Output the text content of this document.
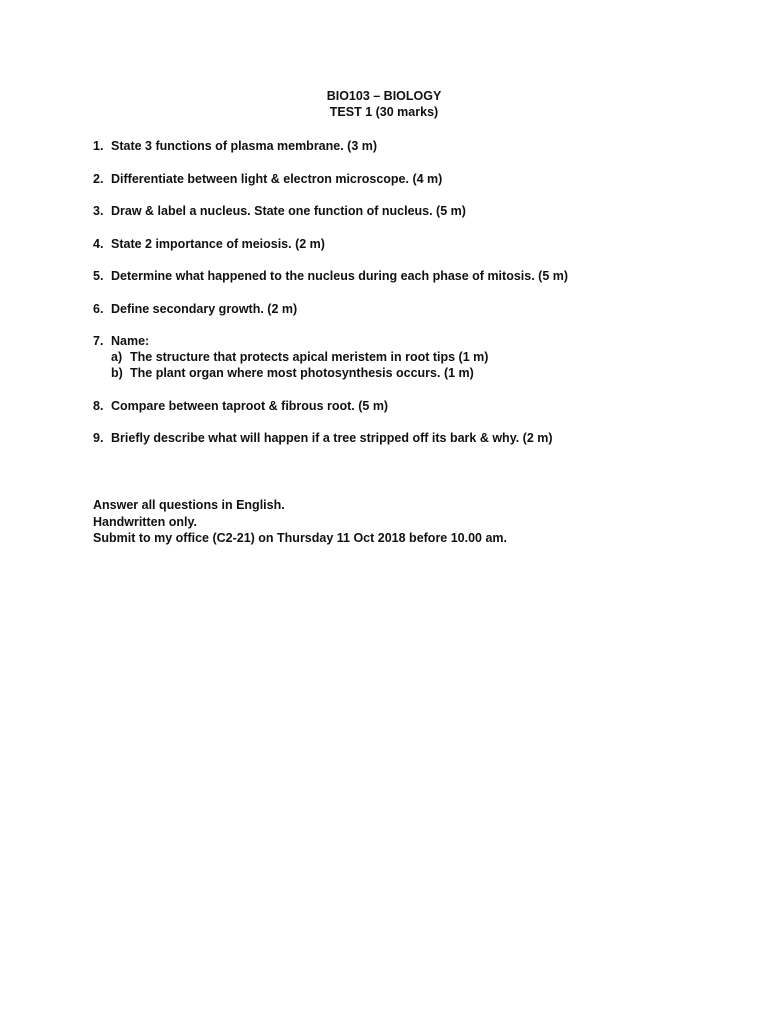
BIO103 – BIOLOGY
TEST 1 (30 marks)
1. State 3 functions of plasma membrane. (3 m)
2. Differentiate between light & electron microscope. (4 m)
3. Draw & label a nucleus. State one function of nucleus. (5 m)
4. State 2 importance of meiosis. (2 m)
5. Determine what happened to the nucleus during each phase of mitosis. (5 m)
6. Define secondary growth. (2 m)
7. Name:
a) The structure that protects apical meristem in root tips (1 m)
b) The plant organ where most photosynthesis occurs. (1 m)
8. Compare between taproot & fibrous root. (5 m)
9. Briefly describe what will happen if a tree stripped off its bark & why. (2 m)
Answer all questions in English.
Handwritten only.
Submit to my office (C2-21) on Thursday 11 Oct 2018 before 10.00 am.
